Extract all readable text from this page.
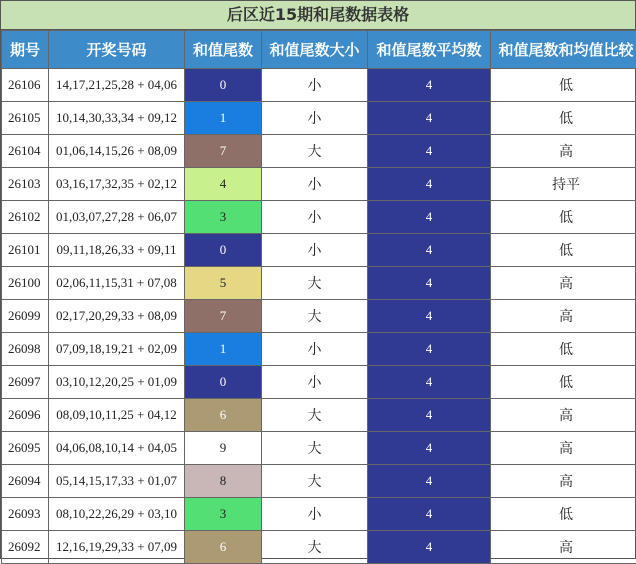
后区近15期和尾数据表格
期号	开奖号码	和值尾数	和值尾数大小	和值尾数平均数	和值尾数和均值比较
26106	14,17,21,25,28 + 04,06	0	小	4	低
26105	10,14,30,33,34 + 09,12	1	小	4	低
26104	01,06,14,15,26 + 08,09	7	大	4	高
26103	03,16,17,32,35 + 02,12	4	小	4	持平
26102	01,03,07,27,28 + 06,07	3	小	4	低
26101	09,11,18,26,33 + 09,11	0	小	4	低
26100	02,06,11,15,31 + 07,08	5	大	4	高
26099	02,17,20,29,33 + 08,09	7	大	4	高
26098	07,09,18,19,21 + 02,09	1	小	4	低
26097	03,10,12,20,25 + 01,09	0	小	4	低
26096	08,09,10,11,25 + 04,12	6	大	4	高
26095	04,06,08,10,14 + 04,05	9	大	4	高
26094	05,14,15,17,33 + 01,07	8	大	4	高
26093	08,10,22,26,29 + 03,10	3	小	4	低
26092	12,16,19,29,33 + 07,09	6	大	4	高
